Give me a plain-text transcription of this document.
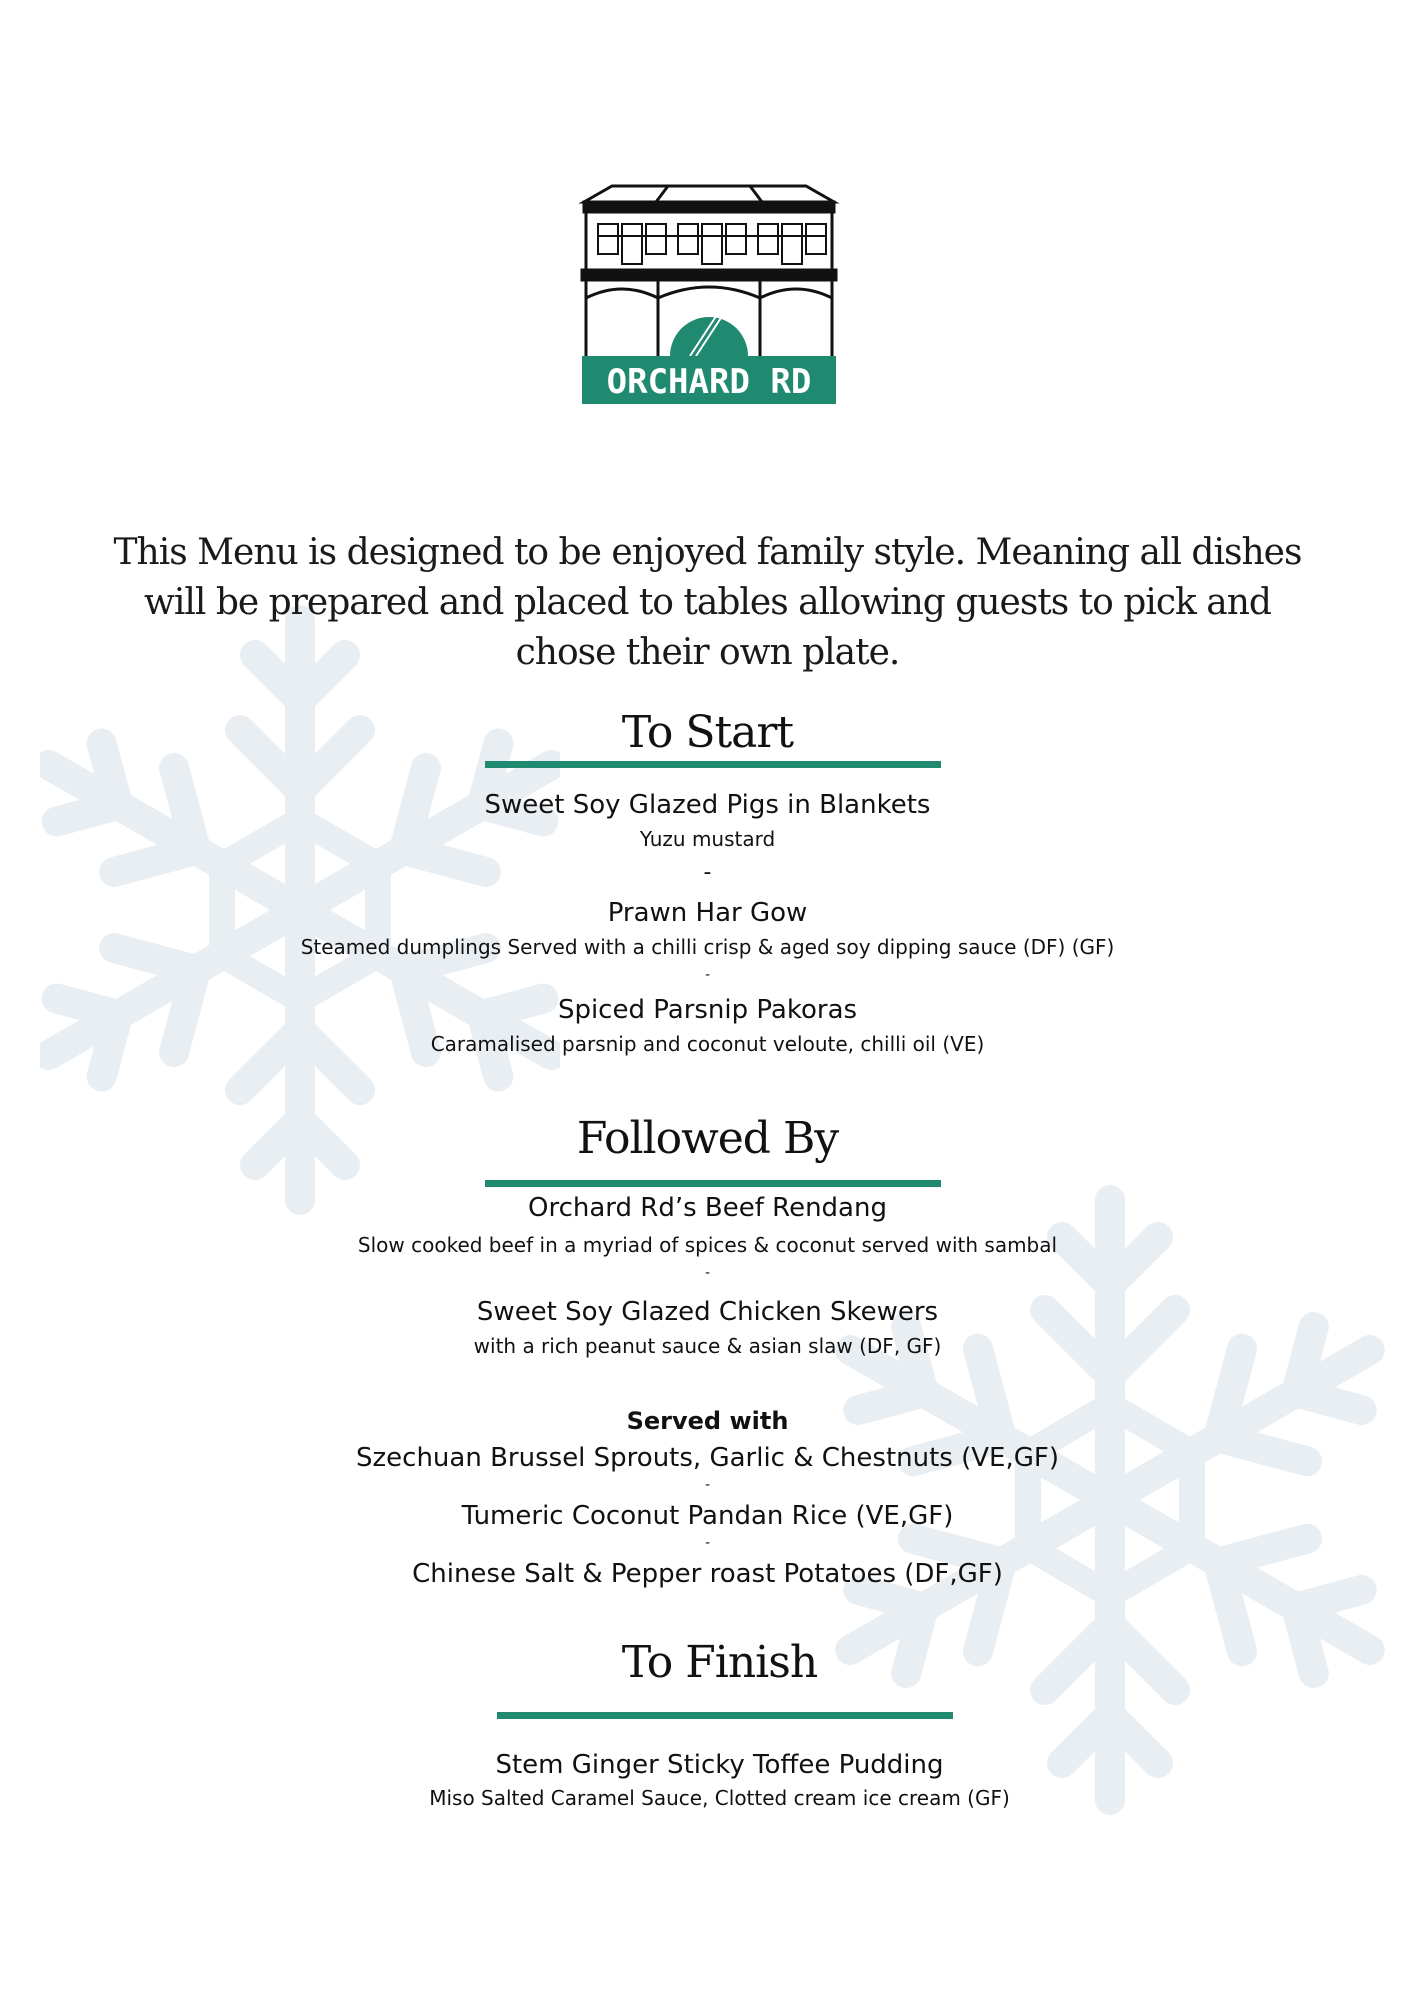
ORCHARD RD
This Menu is designed to be enjoyed family style. Meaning all dishes will be prepared and placed to tables allowing guests to pick and chose their own plate.
To Start
Sweet Soy Glazed Pigs in Blankets
Yuzu mustard
-
Prawn Har Gow
Steamed dumplings Served with a chilli crisp & aged soy dipping sauce (DF) (GF)
-
Spiced Parsnip Pakoras
Caramalised parsnip and coconut veloute, chilli oil (VE)
Followed By
Orchard Rd’s Beef Rendang
Slow cooked beef in a myriad of spices & coconut served with sambal
-
Sweet Soy Glazed Chicken Skewers
with a rich peanut sauce & asian slaw (DF, GF)
Served with
Szechuan Brussel Sprouts, Garlic & Chestnuts (VE,GF)
-
Tumeric Coconut Pandan Rice (VE,GF)
-
Chinese Salt & Pepper roast Potatoes (DF,GF)
To Finish
Stem Ginger Sticky Toffee Pudding
Miso Salted Caramel Sauce, Clotted cream ice cream (GF)
